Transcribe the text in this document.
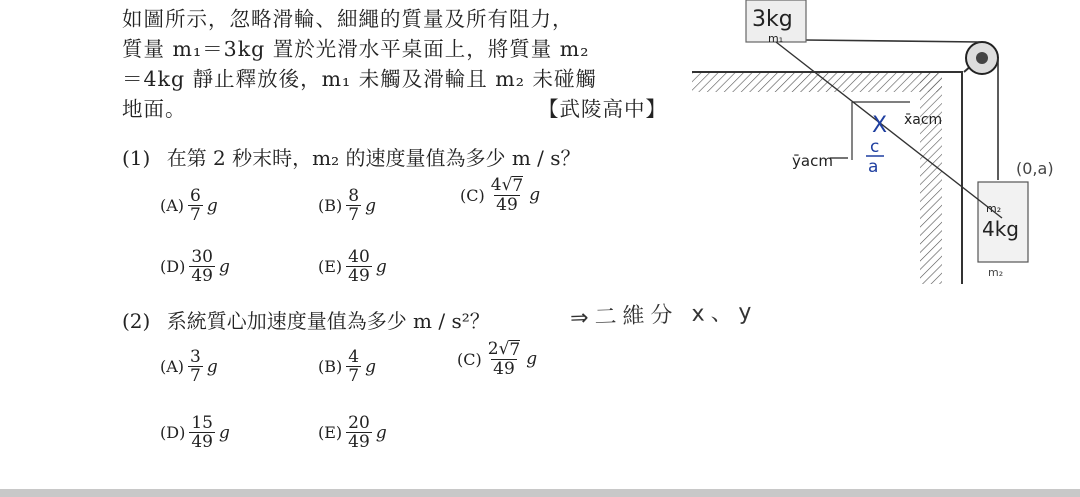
如圖所示，忽略滑輪、細繩的質量及所有阻力，
質量 m₁＝3kg 置於光滑水平桌面上，將質量 m₂
＝4kg 靜止釋放後，m₁ 未觸及滑輪且 m₂ 未碰觸
地面。	【武陵高中】
(1) 在第 2 秒末時，m₂ 的速度量值為多少 m / s？
$(A) \frac{6}{7}$ g	$(B) \frac{8}{7}$ g
$(C) \frac{4 √ 7}{49}$ g
$(D) \frac{30}{49}$ g	$(E) \frac{40}{49}$ g
(2) 系統質心加速度量值為多少 m / s²？	⇒二維分 x、y
$(A) \frac{3}{7}$ g	$(B) \frac{4}{7}$ g	$(C) \frac{2 √ 7}{49}$ g
$(D) \frac{15}{49}$ g	$(E) \frac{20}{49}$ g
3kg
m₁
m₂
4kg
m₂
(0,a)
X x̄acm
ȳacm
c
a
